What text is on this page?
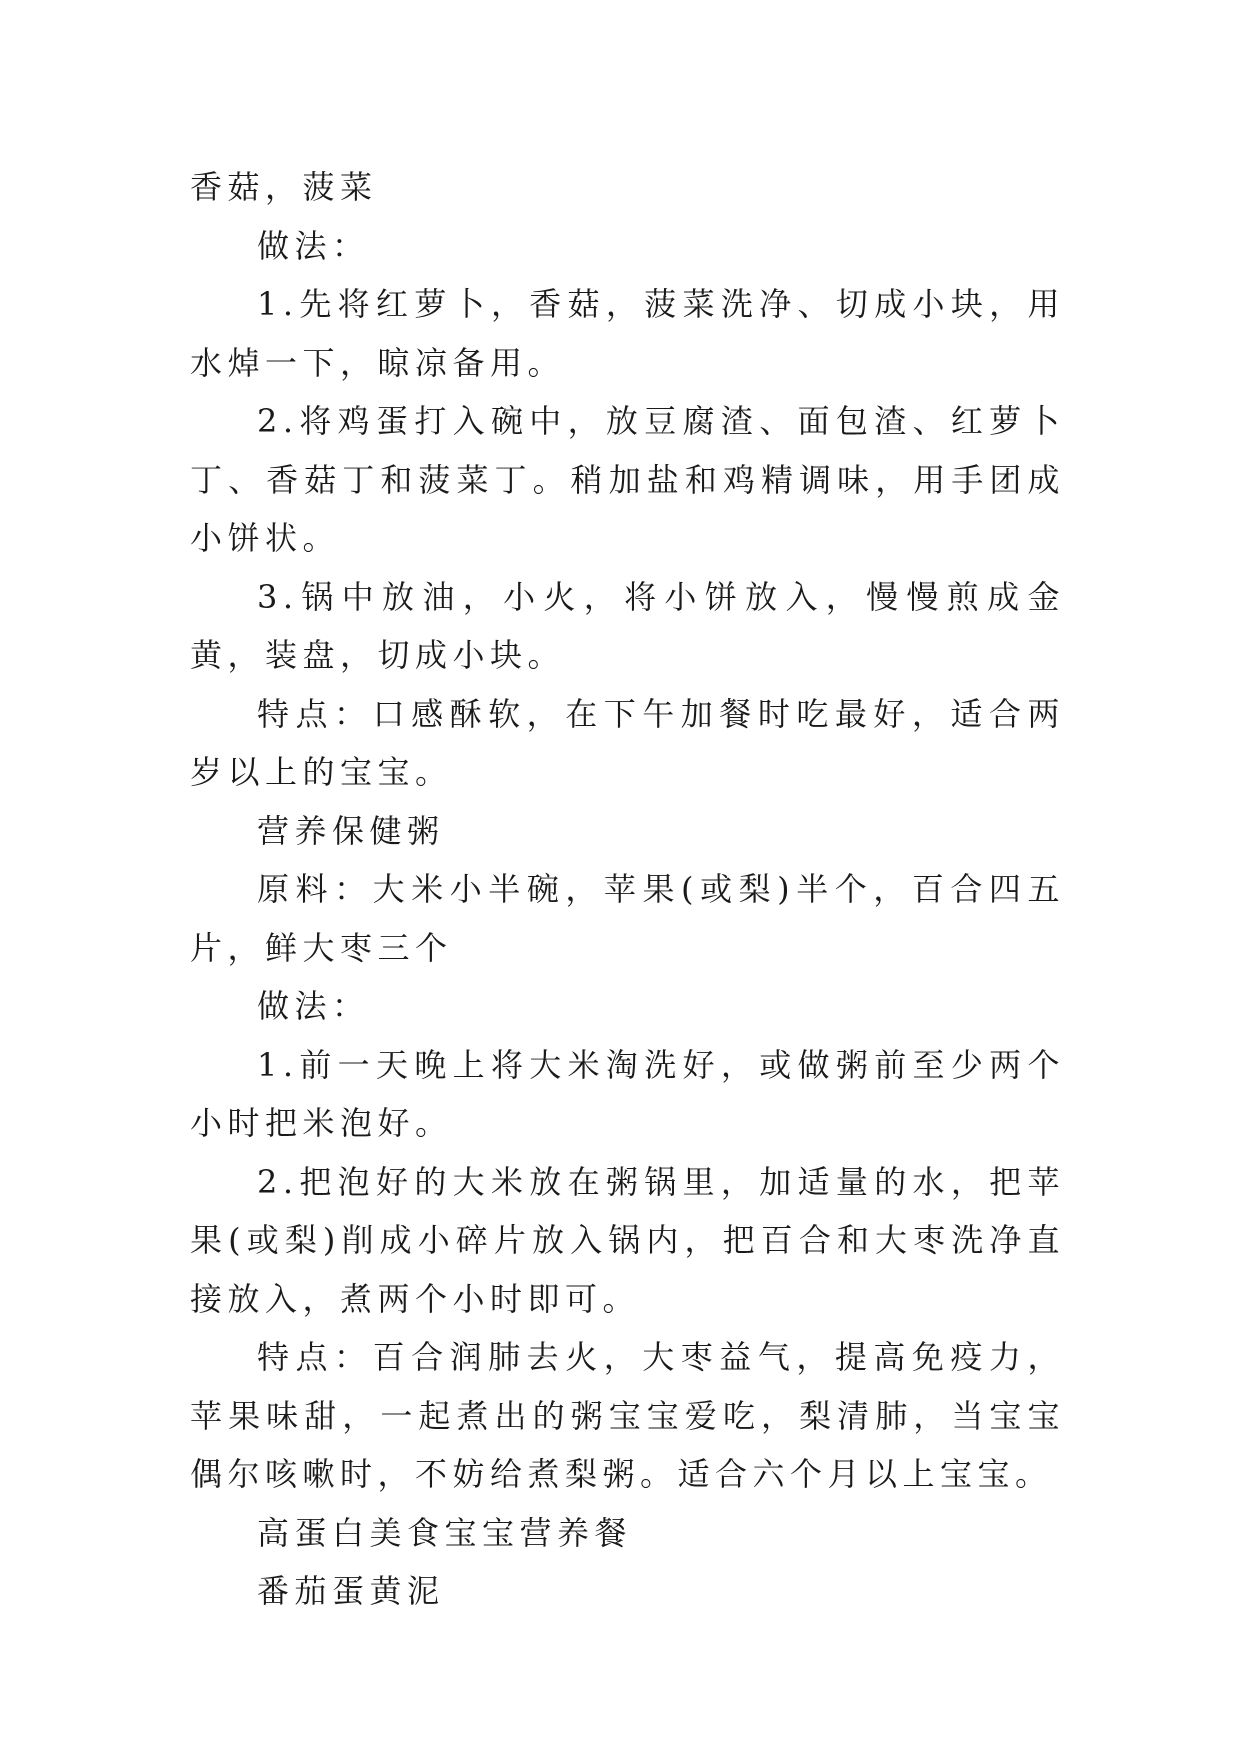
香菇，菠菜

做法：

1.先将红萝卜，香菇，菠菜洗净、切成小块，用水焯一下，晾凉备用。

2.将鸡蛋打入碗中，放豆腐渣、面包渣、红萝卜丁、香菇丁和菠菜丁。稍加盐和鸡精调味，用手团成小饼状。

3.锅中放油，小火，将小饼放入，慢慢煎成金黄，装盘，切成小块。

特点：口感酥软，在下午加餐时吃最好，适合两岁以上的宝宝。

营养保健粥

原料：大米小半碗，苹果(或梨)半个，百合四五片，鲜大枣三个

做法：

1.前一天晚上将大米淘洗好，或做粥前至少两个小时把米泡好。

2.把泡好的大米放在粥锅里，加适量的水，把苹果(或梨)削成小碎片放入锅内，把百合和大枣洗净直接放入，煮两个小时即可。

特点：百合润肺去火，大枣益气，提高免疫力，苹果味甜，一起煮出的粥宝宝爱吃，梨清肺，当宝宝偶尔咳嗽时，不妨给煮梨粥。适合六个月以上宝宝。

高蛋白美食宝宝营养餐

番茄蛋黄泥
